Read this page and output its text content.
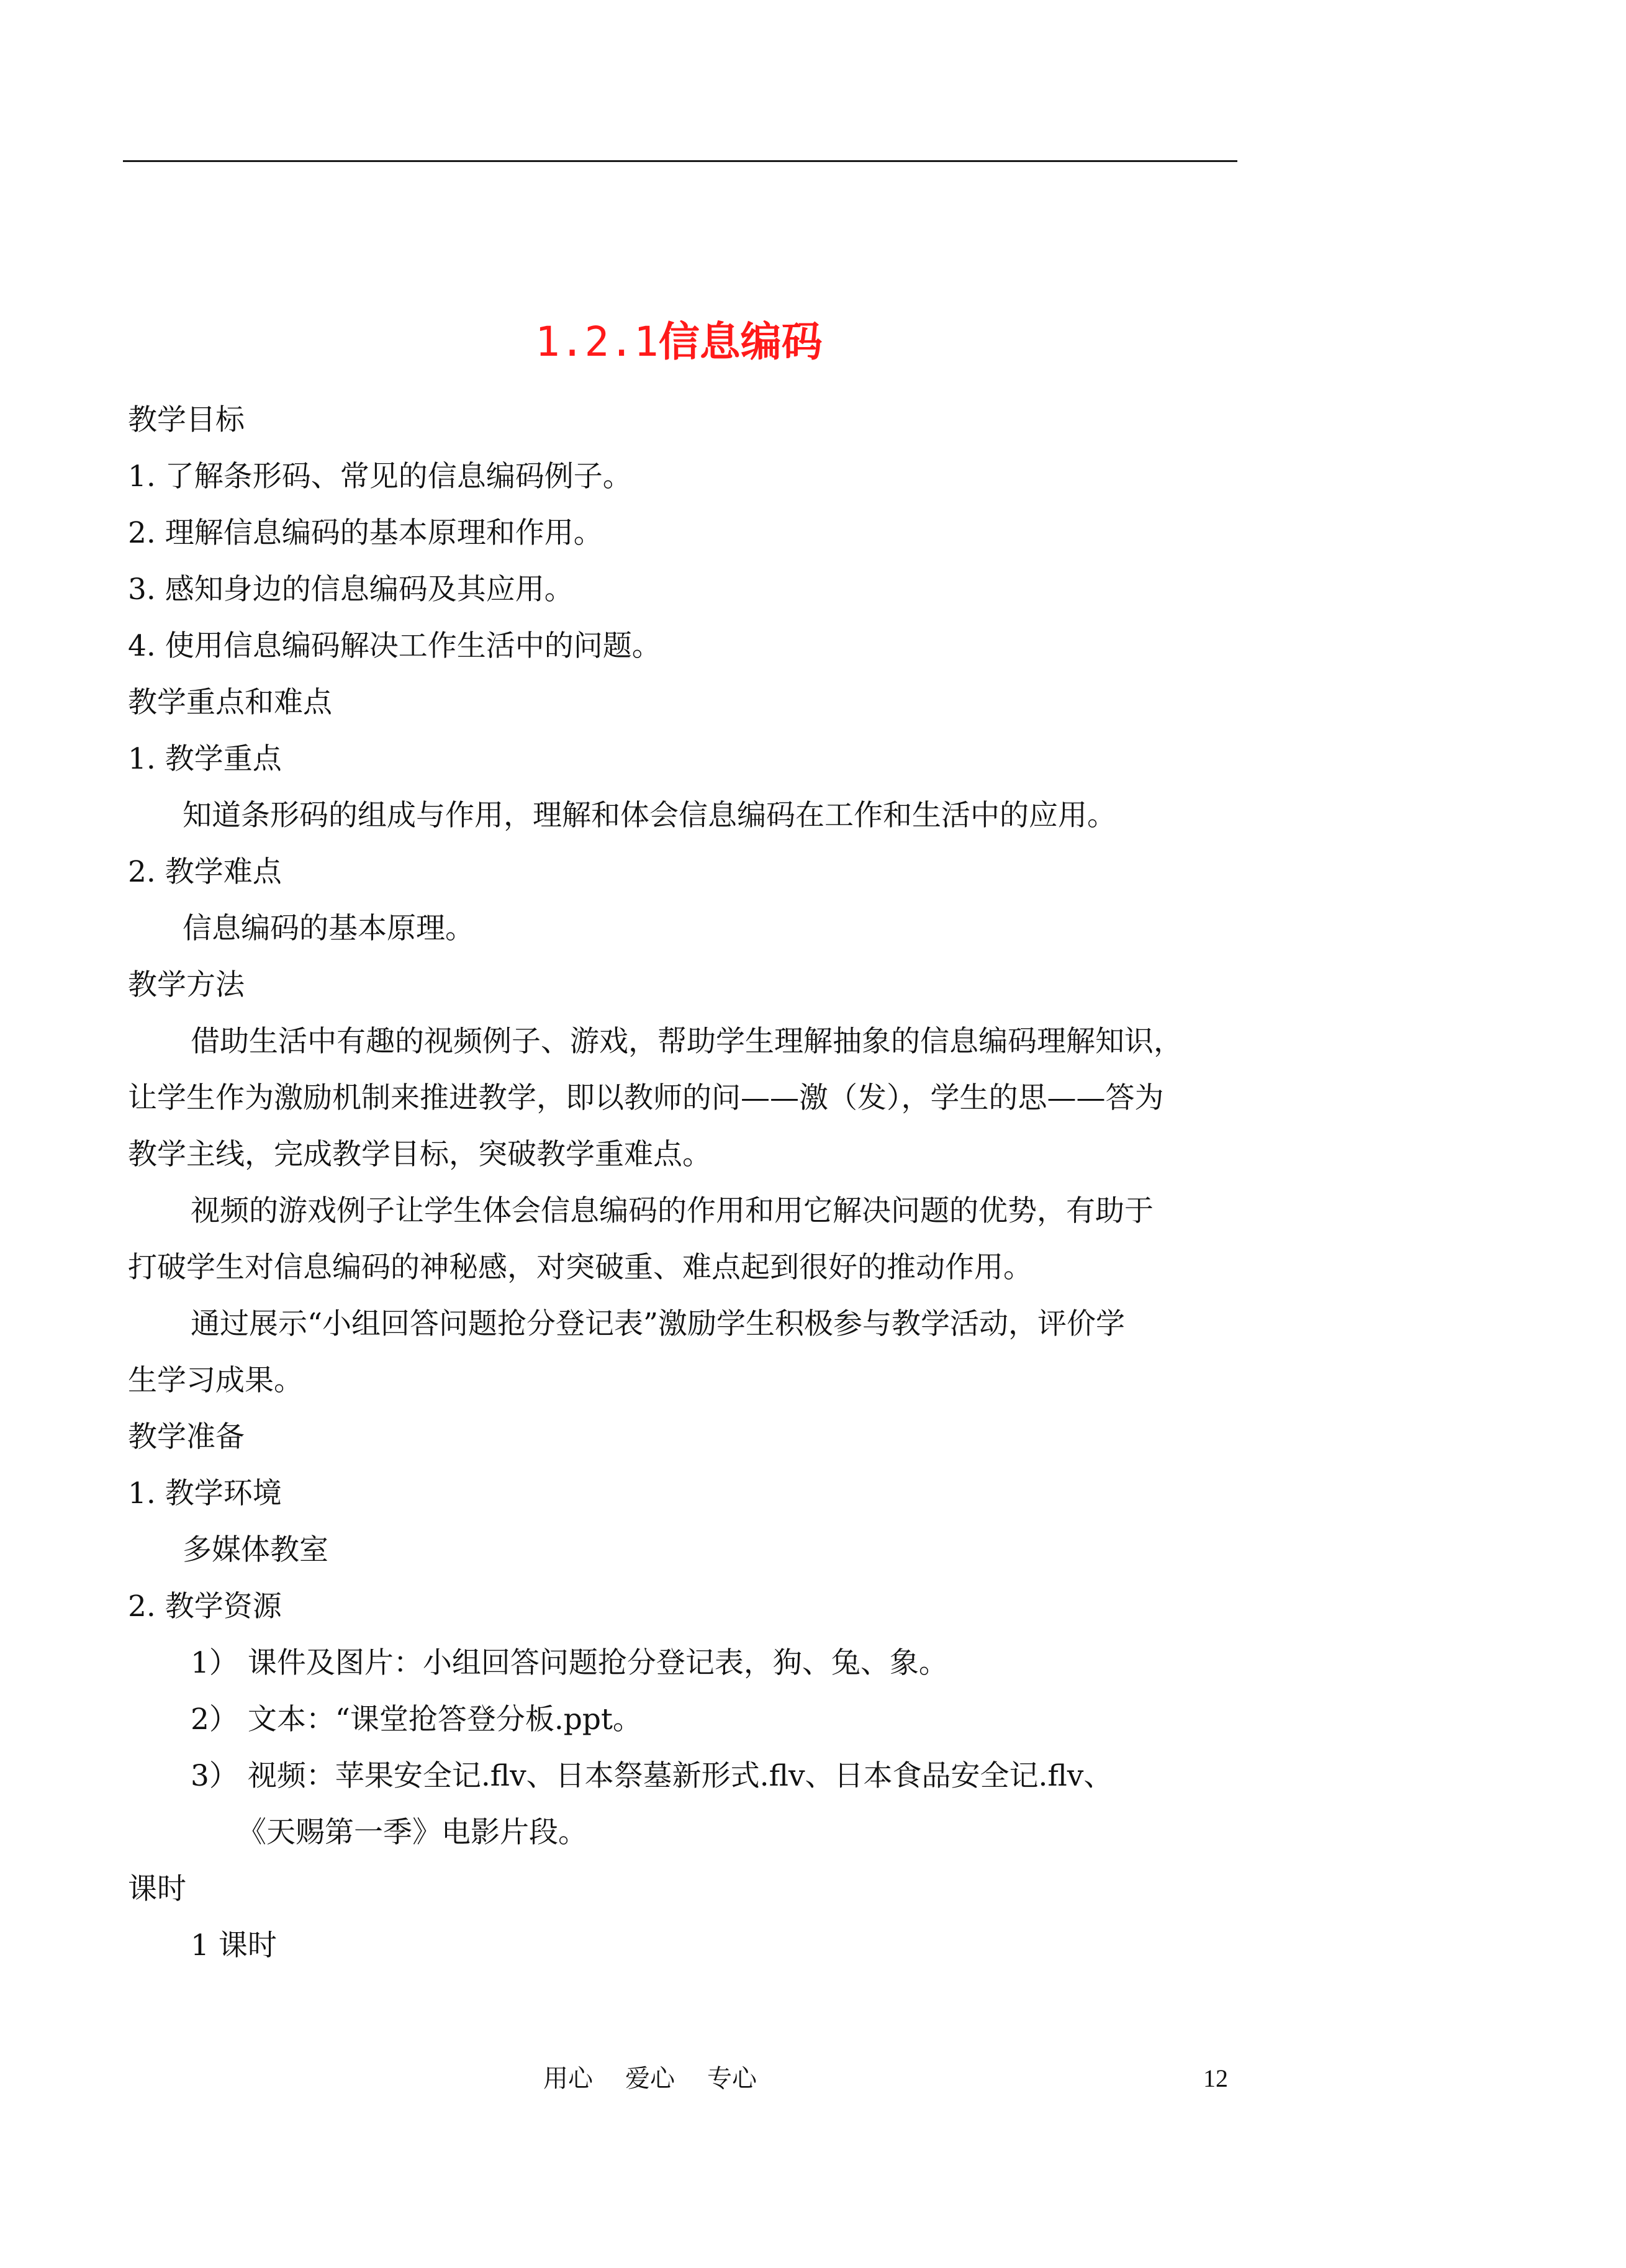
1.2.1信息编码
教学目标
1. 了解条形码、常见的信息编码例子。
2. 理解信息编码的基本原理和作用。
3. 感知身边的信息编码及其应用。
4. 使用信息编码解决工作生活中的问题。
教学重点和难点
1. 教学重点
知道条形码的组成与作用，理解和体会信息编码在工作和生活中的应用。
2. 教学难点
信息编码的基本原理。
教学方法
借助生活中有趣的视频例子、游戏，帮助学生理解抽象的信息编码理解知识，
让学生作为激励机制来推进教学，即以教师的问——激（发），学生的思——答为
教学主线，完成教学目标，突破教学重难点。
视频的游戏例子让学生体会信息编码的作用和用它解决问题的优势，有助于
打破学生对信息编码的神秘感，对突破重、难点起到很好的推动作用。
通过展示“小组回答问题抢分登记表”激励学生积极参与教学活动，评价学
生学习成果。
教学准备
1. 教学环境
多媒体教室
2. 教学资源
1） 课件及图片：小组回答问题抢分登记表，狗、兔、象。
2） 文本：“课堂抢答登分板.ppt。
3） 视频：苹果安全记.flv、日本祭墓新形式.flv、日本食品安全记.flv、
《天赐第一季》电影片段。
课时
1 课时
用心 爱心 专心	12
